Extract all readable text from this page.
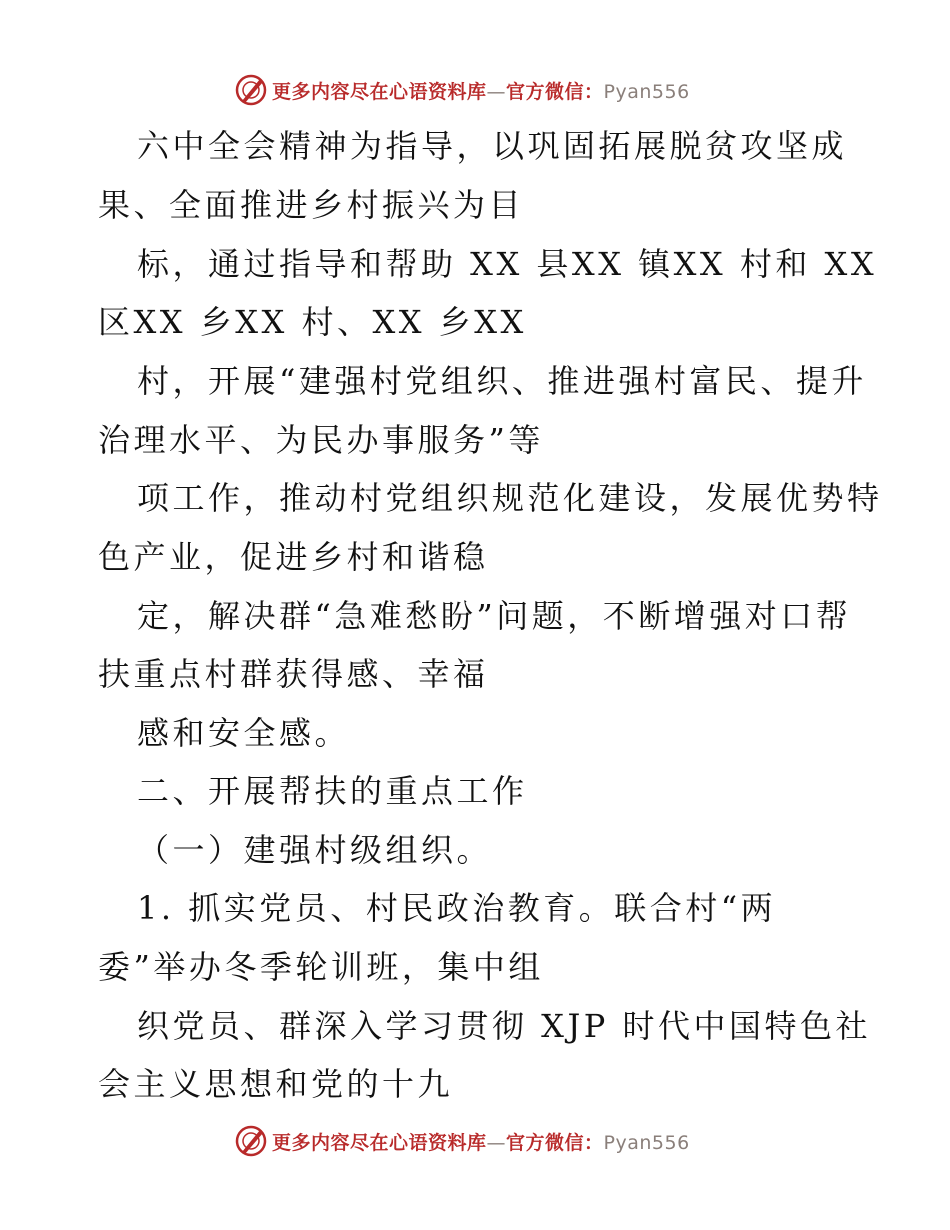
更多内容尽在心语资料库—官方微信：Pyan556
六中全会精神为指导，以巩固拓展脱贫攻坚成
果、全面推进乡村振兴为目
标，通过指导和帮助 XX 县XX 镇XX 村和 XX
区XX 乡XX 村、XX 乡XX
村，开展“建强村党组织、推进强村富民、提升
治理水平、为民办事服务”等
项工作，推动村党组织规范化建设，发展优势特
色产业，促进乡村和谐稳
定，解决群“急难愁盼”问题，不断增强对口帮
扶重点村群获得感、幸福
感和安全感。
二、开展帮扶的重点工作
（一）建强村级组织。
1. 抓实党员、村民政治教育。联合村“两
委”举办冬季轮训班，集中组
织党员、群深入学习贯彻 XJP 时代中国特色社
会主义思想和党的十九
更多内容尽在心语资料库—官方微信：Pyan556
